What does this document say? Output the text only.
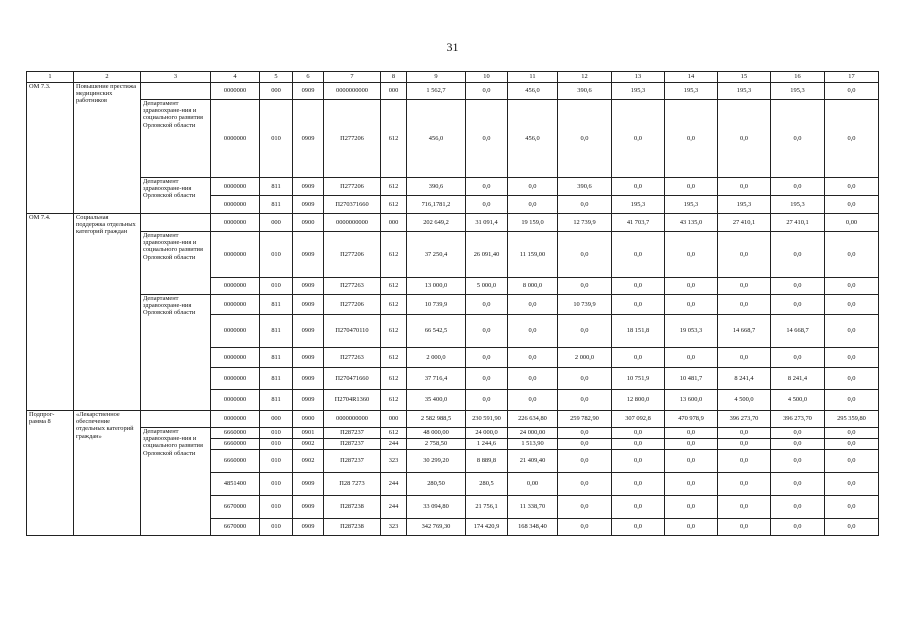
31
1	2	3	4	5	6	7	8	9	10	11	12	13	14	15	16	17
ОМ 7.3.	Повышение престижа медицинских работников		0000000	000	0909	0000000000	000	1 562,7	0,0	456,0	390,6	195,3	195,3	195,3	195,3	0,0
		Департамент здравоохране-ния и социального развития Орловской области	0000000	010	0909	П277206	612	456,0	0,0	456,0	0,0	0,0	0,0	0,0	0,0	0,0
		Департамент здравоохране-ния Орловской области	0000000	811	0909	П277206	612	390,6	0,0	0,0	390,6	0,0	0,0	0,0	0,0	0,0
			0000000	811	0909	П270371660	612	716,1781,2	0,0	0,0	0,0	195,3	195,3	195,3	195,3	0,0
ОМ 7.4.	Социальная поддержка отдельных категорий граждан		0000000	000	0900	0000000000	000	202 649,2	31 091,4	19 159,0	12 739,9	41 703,7	43 135,0	27 410,1	27 410,1	0,00
		Департамент здравоохране-ния и социального развития Орловской области	0000000	010	0909	П277206	612	37 250,4	26 091,40	11 159,00	0,0	0,0	0,0	0,0	0,0	0,0
			0000000	010	0909	П277263	612	13 000,0	5 000,0	8 000,0	0,0	0,0	0,0	0,0	0,0	0,0
		Департамент здравоохране-ния Орловской области	0000000	811	0909	П277206	612	10 739,9	0,0	0,0	10 739,9	0,0	0,0	0,0	0,0	0,0
			0000000	811	0909	П270470110	612	66 542,5	0,0	0,0	0,0	18 151,8	19 053,3	14 668,7	14 668,7	0,0
			0000000	811	0909	П277263	612	2 000,0	0,0	0,0	2 000,0	0,0	0,0	0,0	0,0	0,0
			0000000	811	0909	П270471660	612	37 716,4	0,0	0,0	0,0	10 751,9	10 481,7	8 241,4	8 241,4	0,0
			0000000	811	0909	П2704R1360	612	35 400,0	0,0	0,0	0,0	12 800,0	13 600,0	4 500,0	4 500,0	0,0
Подпрог-рамма 8	«Лекарственное обеспечение отдельных категорий граждан»		0000000	000	0900	0000000000	000	2 582 988,5	230 591,90	226 634,80	259 782,90	307 092,8	470 978,9	396 273,70	396 273,70	295 359,80
		Департамент здравоохране-ния и социального развития Орловской области	6660000	010	0901	П287237	612	48 000,00	24 000,0	24 000,00	0,0	0,0	0,0	0,0	0,0	0,0
			6660000	010	0902	П287237	244	2 758,50	1 244,6	1 513,90	0,0	0,0	0,0	0,0	0,0	0,0
			6660000	010	0902	П287237	323	30 299,20	8 889,8	21 409,40	0,0	0,0	0,0	0,0	0,0	0,0
			4851400	010	0909	П28 7273	244	280,50	280,5	0,00	0,0	0,0	0,0	0,0	0,0	0,0
			6670000	010	0909	П287238	244	33 094,80	21 756,1	11 338,70	0,0	0,0	0,0	0,0	0,0	0,0
			6670000	010	0909	П287238	323	342 769,30	174 420,9	168 348,40	0,0	0,0	0,0	0,0	0,0	0,0
